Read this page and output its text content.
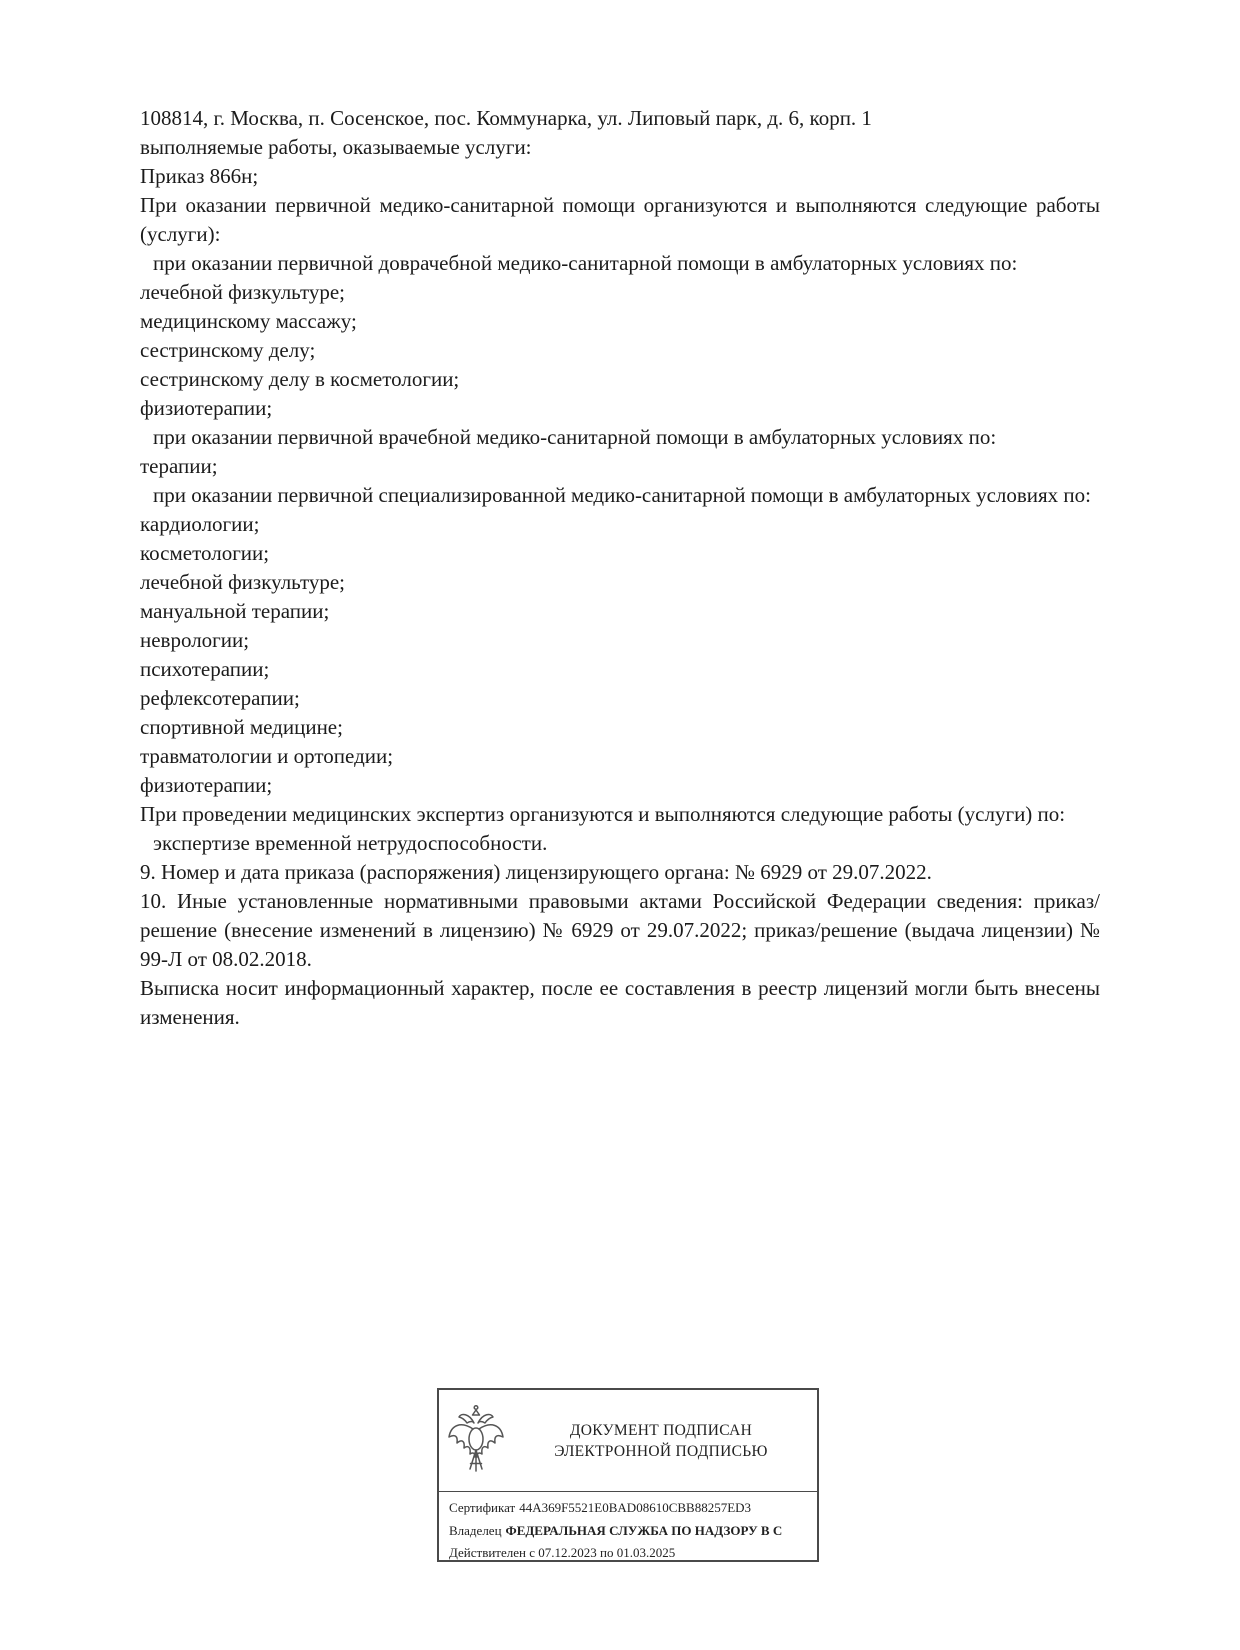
108814, г. Москва, п. Сосенское, пос. Коммунарка, ул. Липовый парк, д. 6, корп. 1

выполняемые работы, оказываемые услуги:

Приказ 866н;

При оказании первичной медико-санитарной помощи организуются и выполняются следующие работы (услуги):

при оказании первичной доврачебной медико-санитарной помощи в амбулаторных условиях по:

лечебной физкультуре;

медицинскому массажу;

сестринскому делу;

сестринскому делу в косметологии;

физиотерапии;

при оказании первичной врачебной медико-санитарной помощи в амбулаторных условиях по:

терапии;

при оказании первичной специализированной медико-санитарной помощи в амбулаторных условиях по:

кардиологии;

косметологии;

лечебной физкультуре;

мануальной терапии;

неврологии;

психотерапии;

рефлексотерапии;

спортивной медицине;

травматологии и ортопедии;

физиотерапии;

При проведении медицинских экспертиз организуются и выполняются следующие работы (услуги) по:

экспертизе временной нетрудоспособности.

9. Номер и дата приказа (распоряжения) лицензирующего органа: № 6929 от 29.07.2022.

10. Иные установленные нормативными правовыми актами Российской Федерации сведения: приказ/решение (внесение изменений в лицензию) № 6929 от 29.07.2022; приказ/решение (выдача лицензии) № 99-Л от 08.02.2018.

Выписка носит информационный характер, после ее составления в реестр лицензий могли быть внесены изменения.

ДОКУМЕНТ ПОДПИСАН
ЭЛЕКТРОННОЙ ПОДПИСЬЮ
Сертификат 44A369F5521E0BAD08610CBB88257ED3
Владелец ФЕДЕРАЛЬНАЯ СЛУЖБА ПО НАДЗОРУ В С
Действителен с 07.12.2023 по 01.03.2025
